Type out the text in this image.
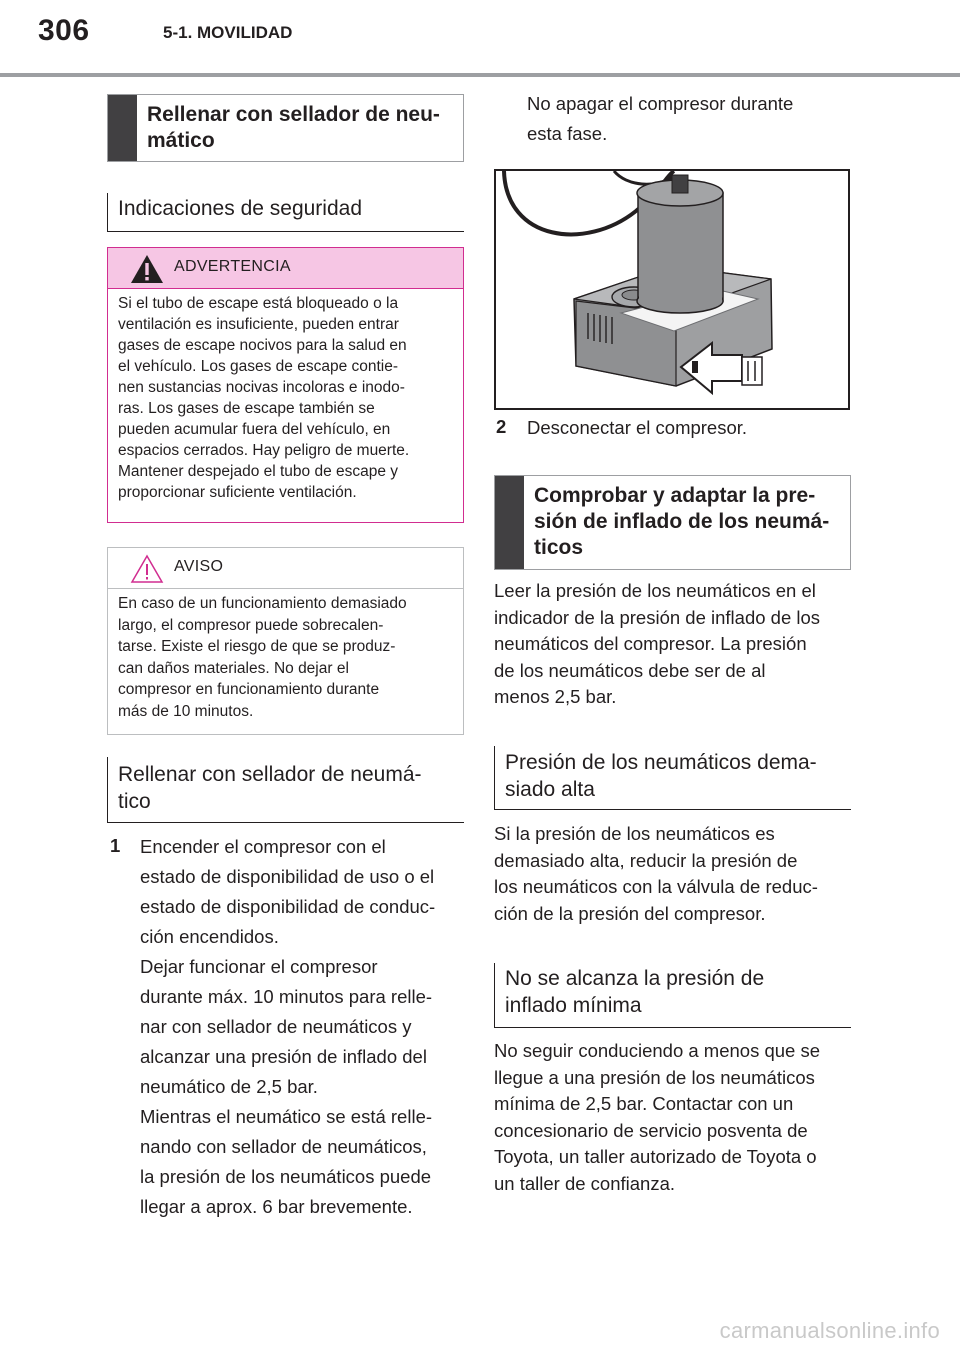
306	5-1. MOVILIDAD
Rellenar con sellador de neu-
mático
Indicaciones de seguridad
ADVERTENCIA
Si el tubo de escape está bloqueado o la
ventilación es insuficiente, pueden entrar
gases de escape nocivos para la salud en
el vehículo. Los gases de escape contie-
nen sustancias nocivas incoloras e inodo-
ras. Los gases de escape también se
pueden acumular fuera del vehículo, en
espacios cerrados. Hay peligro de muerte.
Mantener despejado el tubo de escape y
proporcionar suficiente ventilación.
AVISO
En caso de un funcionamiento demasiado
largo, el compresor puede sobrecalen-
tarse. Existe el riesgo de que se produz-
can daños materiales. No dejar el
compresor en funcionamiento durante
más de 10 minutos.
Rellenar con sellador de neumá-
tico
1 Encender el compresor con el
estado de disponibilidad de uso o el
estado de disponibilidad de conduc-
ción encendidos.
Dejar funcionar el compresor
durante máx. 10 minutos para relle-
nar con sellador de neumáticos y
alcanzar una presión de inflado del
neumático de 2,5 bar.
Mientras el neumático se está relle-
nando con sellador de neumáticos,
la presión de los neumáticos puede
llegar a aprox. 6 bar brevemente.
No apagar el compresor durante
esta fase.
2 Desconectar el compresor.
Comprobar y adaptar la pre-
sión de inflado de los neumá-
ticos
Leer la presión de los neumáticos en el
indicador de la presión de inflado de los
neumáticos del compresor. La presión
de los neumáticos debe ser de al
menos 2,5 bar.
Presión de los neumáticos dema-
siado alta
Si la presión de los neumáticos es
demasiado alta, reducir la presión de
los neumáticos con la válvula de reduc-
ción de la presión del compresor.
No se alcanza la presión de
inflado mínima
No seguir conduciendo a menos que se
llegue a una presión de los neumáticos
mínima de 2,5 bar. Contactar con un
concesionario de servicio posventa de
Toyota, un taller autorizado de Toyota o
un taller de confianza.
carmanualsonline.info
